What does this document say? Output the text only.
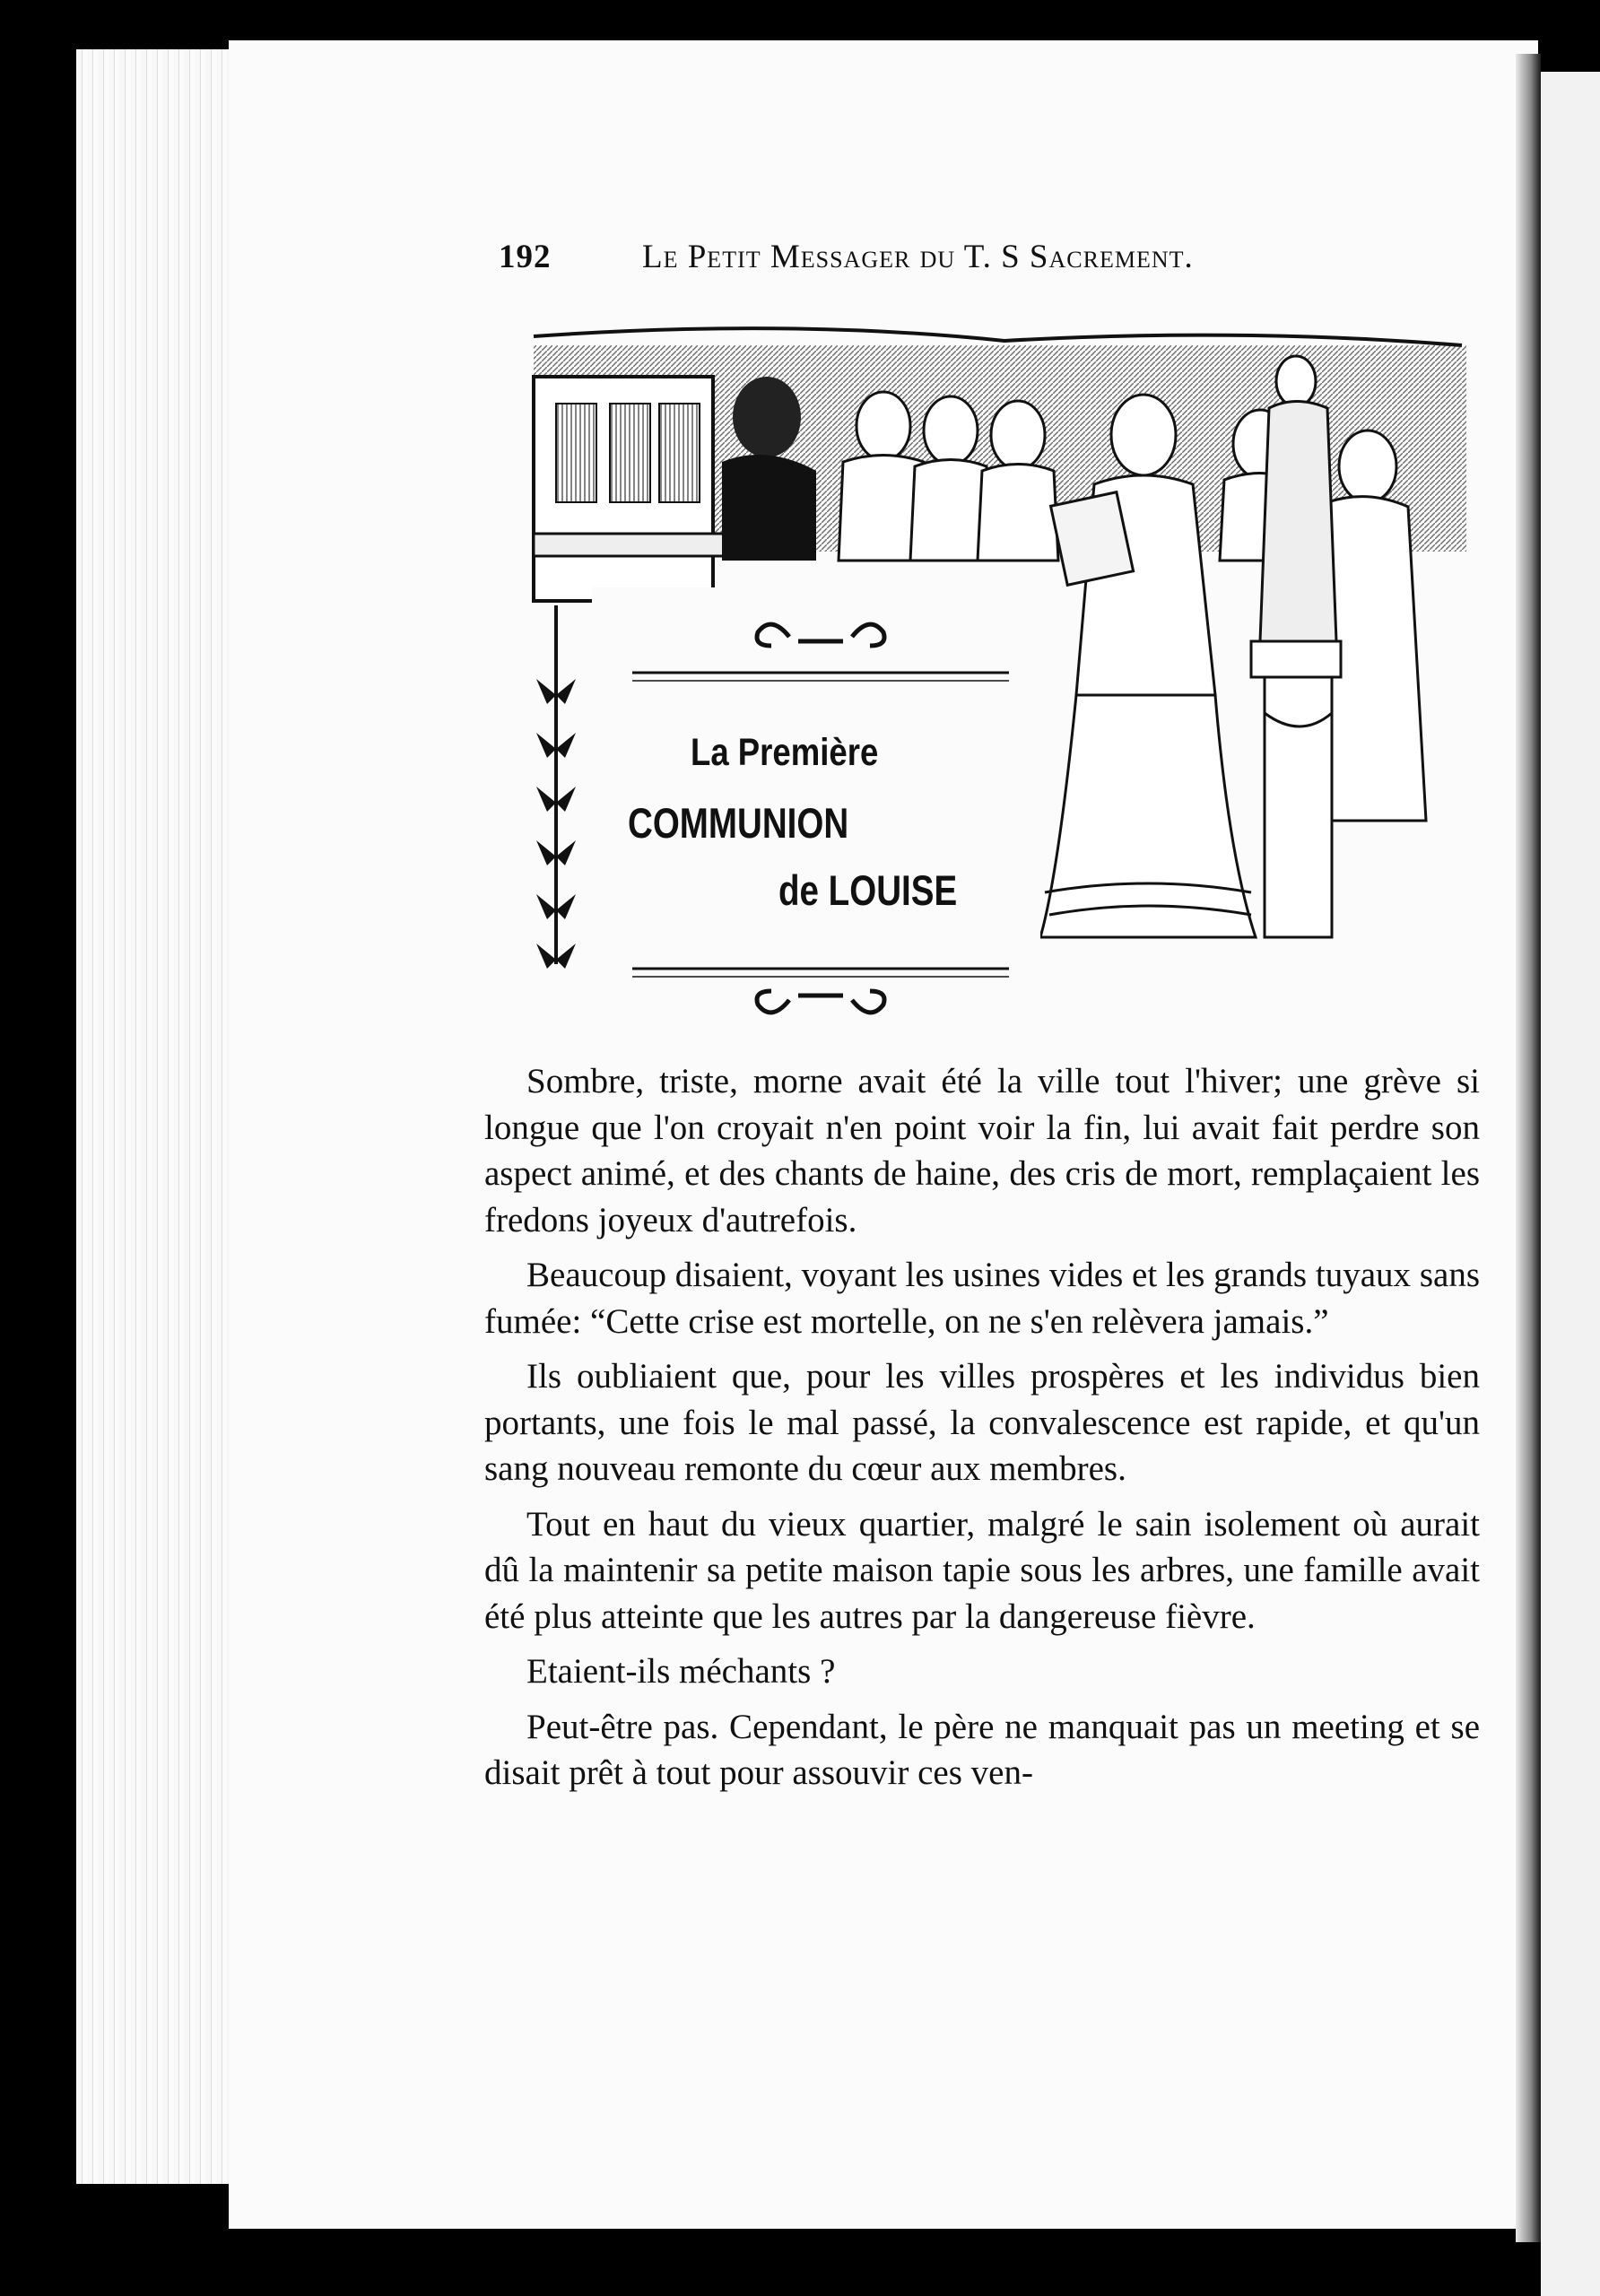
192	Le Petit Messager du T. S Sacrement.
La Première
COMMUNION
de LOUISE

Sombre, triste, morne avait été la ville tout l'hiver; une grève si longue que l'on croyait n'en point voir la fin, lui avait fait perdre son aspect animé, et des chants de haine, des cris de mort, remplaçaient les fredons joyeux d'autrefois.

Beaucoup disaient, voyant les usines vides et les grands tuyaux sans fumée: “Cette crise est mortelle, on ne s'en relèvera jamais.”

Ils oubliaient que, pour les villes prospères et les individus bien portants, une fois le mal passé, la convalescence est rapide, et qu'un sang nouveau remonte du cœur aux membres.

Tout en haut du vieux quartier, malgré le sain isolement où aurait dû la maintenir sa petite maison tapie sous les arbres, une famille avait été plus atteinte que les autres par la dangereuse fièvre.

Etaient-ils méchants ?

Peut-être pas. Cependant, le père ne manquait pas un meeting et se disait prêt à tout pour assouvir ces ven-
